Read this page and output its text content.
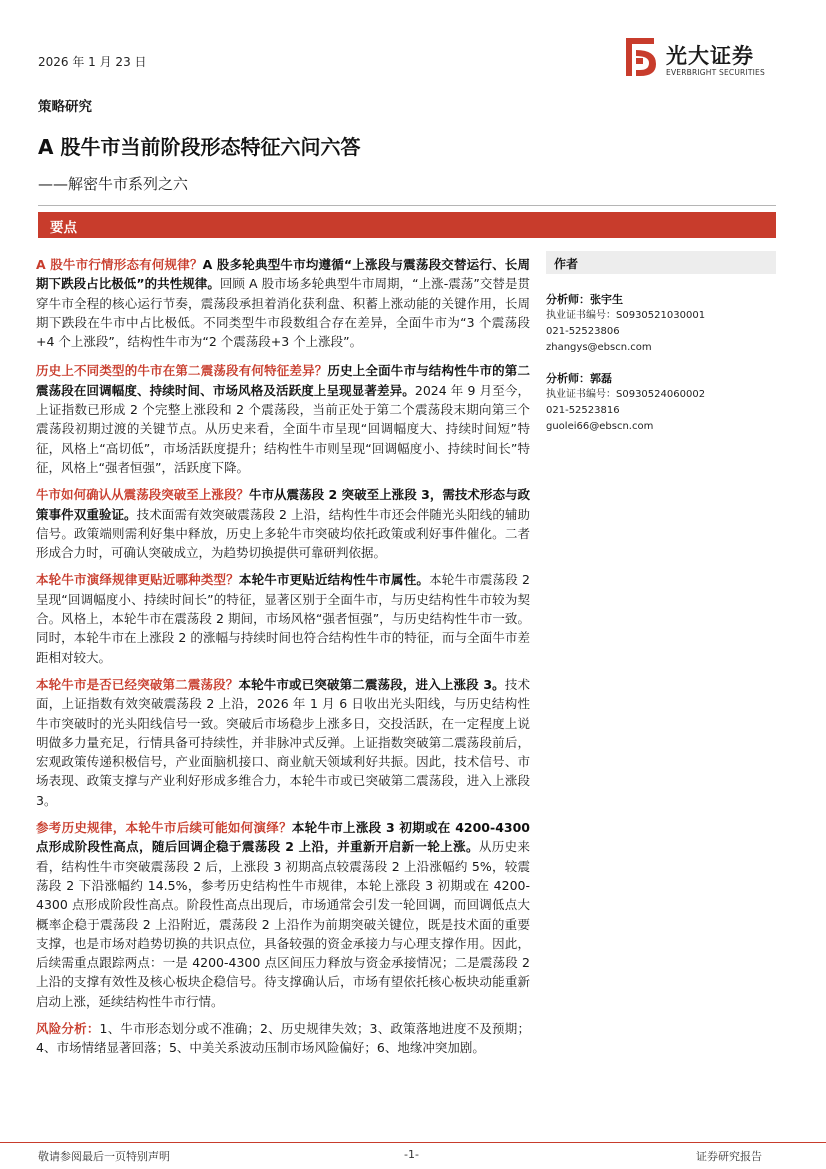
2026 年 1 月 23 日	光大证券
EVERBRIGHT SECURITIES
策略研究
A 股牛市当前阶段形态特征六问六答
——解密牛市系列之六
要点

A 股牛市行情形态有何规律？A 股多轮典型牛市均遵循“上涨段与震荡段交替运行、长周期下跌段占比极低”的共性规律。回顾 A 股市场多轮典型牛市周期，“上涨-震荡”交替是贯穿牛市全程的核心运行节奏，震荡段承担着消化获利盘、积蓄上涨动能的关键作用，长周期下跌段在牛市中占比极低。不同类型牛市段数组合存在差异，全面牛市为“3 个震荡段+4 个上涨段”，结构性牛市为“2 个震荡段+3 个上涨段”。

历史上不同类型的牛市在第二震荡段有何特征差异？历史上全面牛市与结构性牛市的第二震荡段在回调幅度、持续时间、市场风格及活跃度上呈现显著差异。2024 年 9 月至今，上证指数已形成 2 个完整上涨段和 2 个震荡段，当前正处于第二个震荡段末期向第三个震荡段初期过渡的关键节点。从历史来看，全面牛市呈现“回调幅度大、持续时间短”特征，风格上“高切低”，市场活跃度提升；结构性牛市则呈现“回调幅度小、持续时间长”特征，风格上“强者恒强”，活跃度下降。

牛市如何确认从震荡段突破至上涨段？牛市从震荡段 2 突破至上涨段 3，需技术形态与政策事件双重验证。技术面需有效突破震荡段 2 上沿，结构性牛市还会伴随光头阳线的辅助信号。政策端则需利好集中释放，历史上多轮牛市突破均依托政策或利好事件催化。二者形成合力时，可确认突破成立，为趋势切换提供可靠研判依据。

本轮牛市演绎规律更贴近哪种类型？本轮牛市更贴近结构性牛市属性。本轮牛市震荡段 2 呈现“回调幅度小、持续时间长”的特征，显著区别于全面牛市，与历史结构性牛市较为契合。风格上，本轮牛市在震荡段 2 期间，市场风格“强者恒强”，与历史结构性牛市一致。同时，本轮牛市在上涨段 2 的涨幅与持续时间也符合结构性牛市的特征，而与全面牛市差距相对较大。

本轮牛市是否已经突破第二震荡段？本轮牛市或已突破第二震荡段，进入上涨段 3。技术面，上证指数有效突破震荡段 2 上沿，2026 年 1 月 6 日收出光头阳线，与历史结构性牛市突破时的光头阳线信号一致。突破后市场稳步上涨多日，交投活跃，在一定程度上说明做多力量充足，行情具备可持续性，并非脉冲式反弹。上证指数突破第二震荡段前后，宏观政策传递积极信号，产业面脑机接口、商业航天领域利好共振。因此，技术信号、市场表现、政策支撑与产业利好形成多维合力，本轮牛市或已突破第二震荡段，进入上涨段 3。

参考历史规律，本轮牛市后续可能如何演绎？本轮牛市上涨段 3 初期或在 4200-4300 点形成阶段性高点，随后回调企稳于震荡段 2 上沿，并重新开启新一轮上涨。从历史来看，结构性牛市突破震荡段 2 后，上涨段 3 初期高点较震荡段 2 上沿涨幅约 5%，较震荡段 2 下沿涨幅约 14.5%，参考历史结构性牛市规律，本轮上涨段 3 初期或在 4200-4300 点形成阶段性高点。阶段性高点出现后，市场通常会引发一轮回调，而回调低点大概率企稳于震荡段 2 上沿附近，震荡段 2 上沿作为前期突破关键位，既是技术面的重要支撑，也是市场对趋势切换的共识点位，具备较强的资金承接力与心理支撑作用。因此，后续需重点跟踪两点：一是 4200-4300 点区间压力释放与资金承接情况；二是震荡段 2 上沿的支撑有效性及核心板块企稳信号。待支撑确认后，市场有望依托核心板块动能重新启动上涨，延续结构性牛市行情。

风险分析：1、牛市形态划分或不准确；2、历史规律失效；3、政策落地进度不及预期；4、市场情绪显著回落；5、中美关系波动压制市场风险偏好；6、地缘冲突加剧。

作者
分析师：张宇生
执业证书编号：S0930521030001
021-52523806
zhangys@ebscn.com
分析师：郭磊
执业证书编号：S0930524060002
021-52523816
guolei66@ebscn.com
敬请参阅最后一页特别声明	-1-	证券研究报告
